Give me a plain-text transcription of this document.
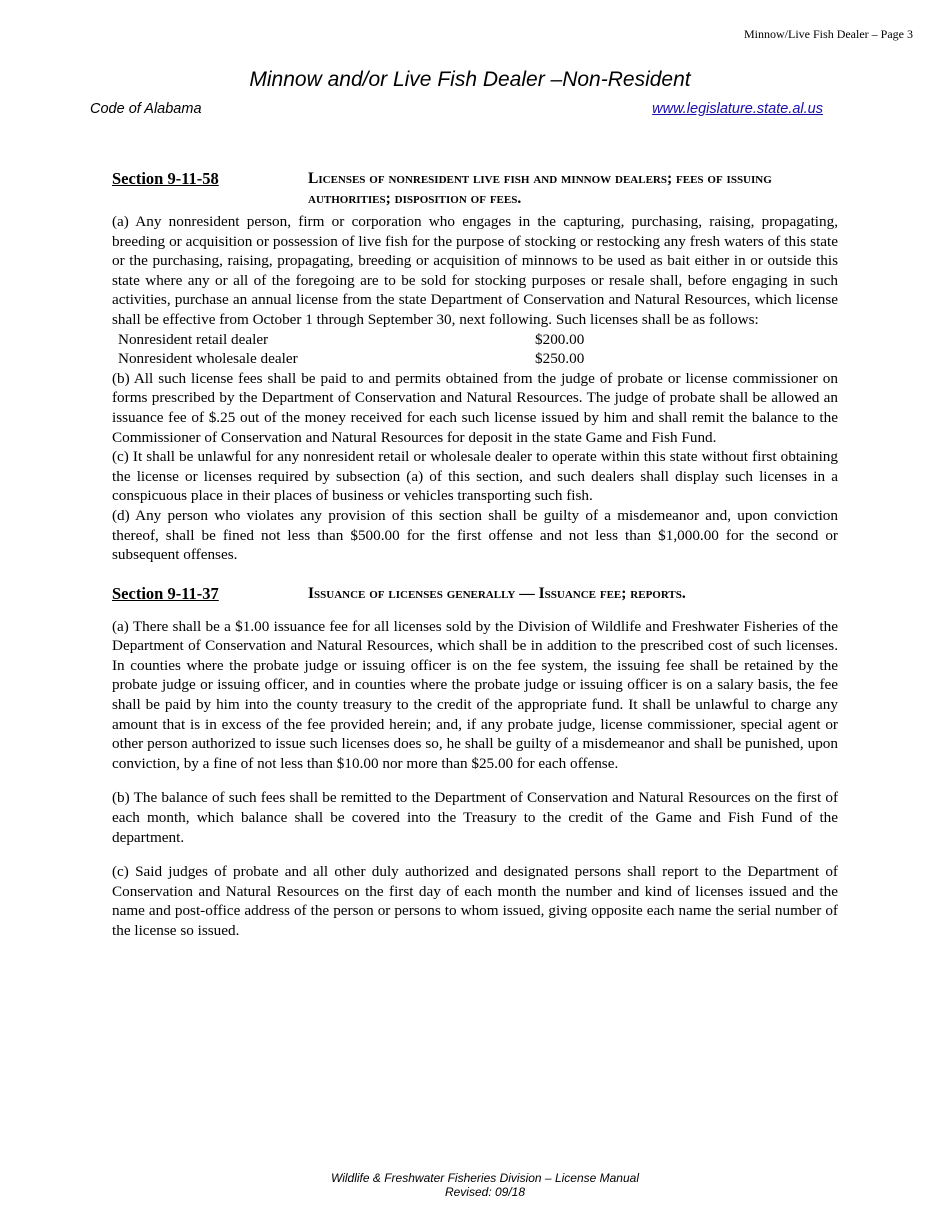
Minnow/Live Fish Dealer – Page 3
Minnow and/or Live Fish Dealer –Non-Resident
Code of Alabama	www.legislature.state.al.us
Section 9-11-58	Licenses of nonresident live fish and minnow dealers; fees of issuing authorities; disposition of fees.

(a) Any nonresident person, firm or corporation who engages in the capturing, purchasing, raising, propagating, breeding or acquisition or possession of live fish for the purpose of stocking or restocking any fresh waters of this state or the purchasing, raising, propagating, breeding or acquisition of minnows to be used as bait either in or outside this state where any or all of the foregoing are to be sold for stocking purposes or resale shall, before engaging in such activities, purchase an annual license from the state Department of Conservation and Natural Resources, which license shall be effective from October 1 through September 30, next following. Such licenses shall be as follows:

Nonresident retail dealer	$200.00
Nonresident wholesale dealer	$250.00

(b) All such license fees shall be paid to and permits obtained from the judge of probate or license commissioner on forms prescribed by the Department of Conservation and Natural Resources. The judge of probate shall be allowed an issuance fee of $.25 out of the money received for each such license issued by him and shall remit the balance to the Commissioner of Conservation and Natural Resources for deposit in the state Game and Fish Fund.

(c) It shall be unlawful for any nonresident retail or wholesale dealer to operate within this state without first obtaining the license or licenses required by subsection (a) of this section, and such dealers shall display such licenses in a conspicuous place in their places of business or vehicles transporting such fish.

(d) Any person who violates any provision of this section shall be guilty of a misdemeanor and, upon conviction thereof, shall be fined not less than $500.00 for the first offense and not less than $1,000.00 for the second or subsequent offenses.

Section 9-11-37	Issuance of licenses generally — Issuance fee; reports.

(a) There shall be a $1.00 issuance fee for all licenses sold by the Division of Wildlife and Freshwater Fisheries of the Department of Conservation and Natural Resources, which shall be in addition to the prescribed cost of such licenses. In counties where the probate judge or issuing officer is on the fee system, the issuing fee shall be retained by the probate judge or issuing officer, and in counties where the probate judge or issuing officer is on a salary basis, the fee shall be paid by him into the county treasury to the credit of the appropriate fund. It shall be unlawful to charge any amount that is in excess of the fee provided herein; and, if any probate judge, license commissioner, special agent or other person authorized to issue such licenses does so, he shall be guilty of a misdemeanor and shall be punished, upon conviction, by a fine of not less than $10.00 nor more than $25.00 for each offense.

(b) The balance of such fees shall be remitted to the Department of Conservation and Natural Resources on the first of each month, which balance shall be covered into the Treasury to the credit of the Game and Fish Fund of the department.

(c) Said judges of probate and all other duly authorized and designated persons shall report to the Department of Conservation and Natural Resources on the first day of each month the number and kind of licenses issued and the name and post-office address of the person or persons to whom issued, giving opposite each name the serial number of the license so issued.

Wildlife & Freshwater Fisheries Division – License Manual
Revised: 09/18
